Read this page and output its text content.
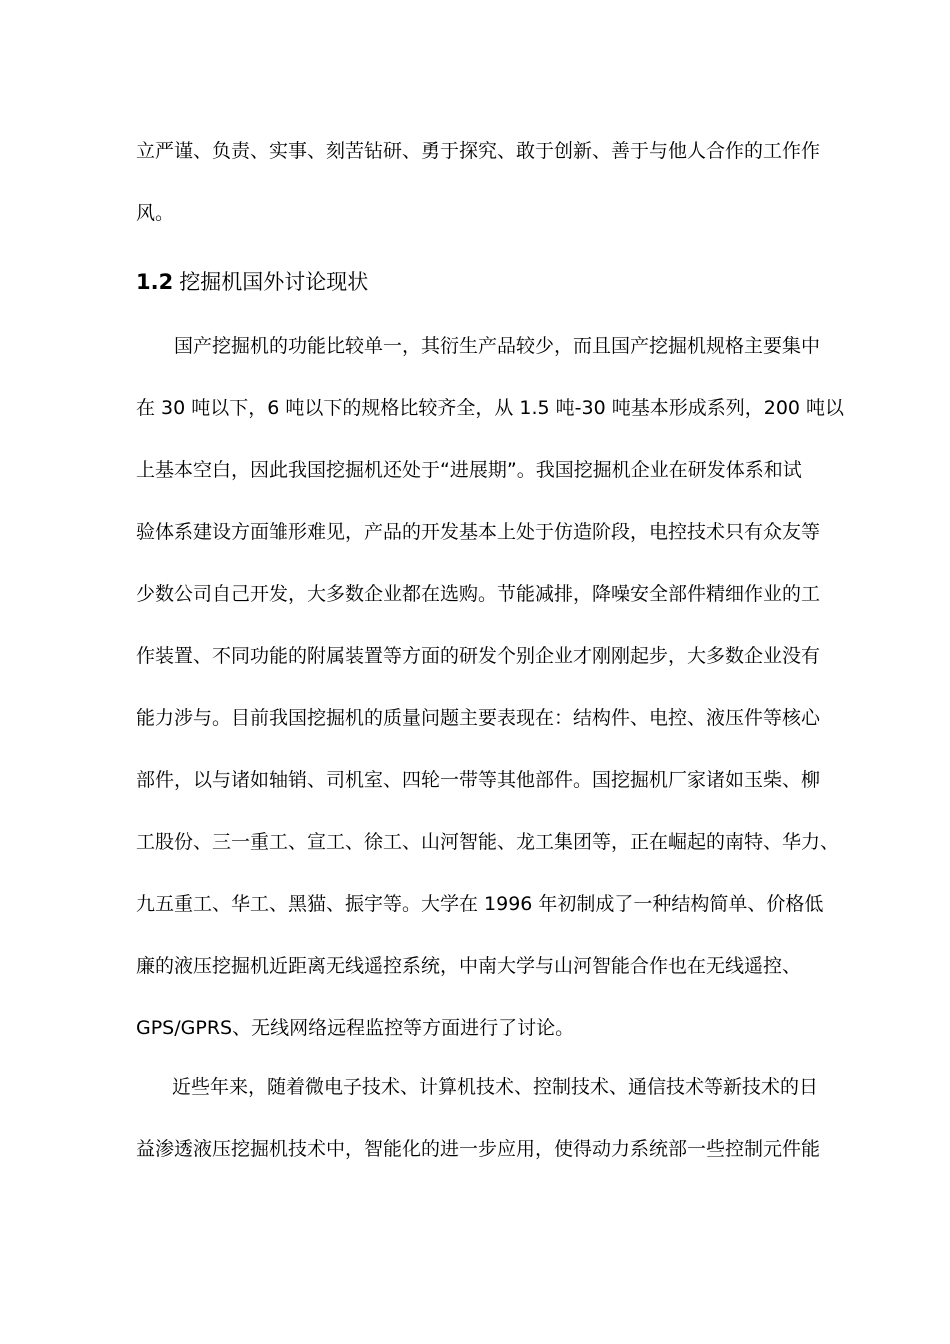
立严谨、负责、实事、刻苦钻研、勇于探究、敢于创新、善于与他人合作的工作作

风。

1.2 挖掘机国外讨论现状

国产挖掘机的功能比较单一，其衍生产品较少，而且国产挖掘机规格主要集中

在 30 吨以下，6 吨以下的规格比较齐全，从 1.5 吨-30 吨基本形成系列，200 吨以

上基本空白，因此我国挖掘机还处于“进展期”。我国挖掘机企业在研发体系和试

验体系建设方面雏形难见，产品的开发基本上处于仿造阶段，电控技术只有众友等

少数公司自己开发，大多数企业都在选购。节能减排，降噪安全部件精细作业的工

作装置、不同功能的附属装置等方面的研发个别企业才刚刚起步，大多数企业没有

能力涉与。目前我国挖掘机的质量问题主要表现在：结构件、电控、液压件等核心

部件，以与诸如轴销、司机室、四轮一带等其他部件。国挖掘机厂家诸如玉柴、柳

工股份、三一重工、宣工、徐工、山河智能、龙工集团等，正在崛起的南特、华力、

九五重工、华工、黑猫、振宇等。大学在 1996 年初制成了一种结构简单、价格低

廉的液压挖掘机近距离无线遥控系统，中南大学与山河智能合作也在无线遥控、

GPS/GPRS、无线网络远程监控等方面进行了讨论。

近些年来，随着微电子技术、计算机技术、控制技术、通信技术等新技术的日

益渗透液压挖掘机技术中，智能化的进一步应用，使得动力系统部一些控制元件能
